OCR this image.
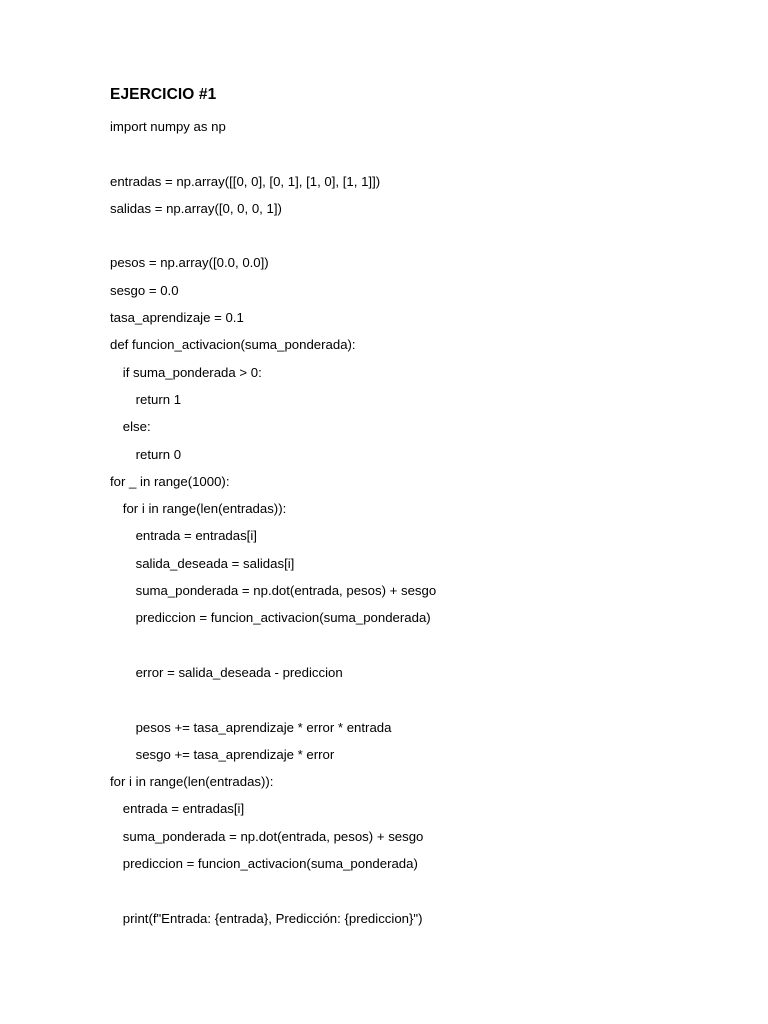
EJERCICIO #1
import numpy as np
entradas = np.array([[0, 0], [0, 1], [1, 0], [1, 1]])
salidas = np.array([0, 0, 0, 1])
pesos = np.array([0.0, 0.0])
sesgo = 0.0
tasa_aprendizaje = 0.1
def funcion_activacion(suma_ponderada):
if suma_ponderada > 0:
return 1
else:
return 0
for _ in range(1000):
for i in range(len(entradas)):
entrada = entradas[i]
salida_deseada = salidas[i]
suma_ponderada = np.dot(entrada, pesos) + sesgo
prediccion = funcion_activacion(suma_ponderada)
error = salida_deseada - prediccion
pesos += tasa_aprendizaje * error * entrada
sesgo += tasa_aprendizaje * error
for i in range(len(entradas)):
entrada = entradas[i]
suma_ponderada = np.dot(entrada, pesos) + sesgo
prediccion = funcion_activacion(suma_ponderada)
print(f"Entrada: {entrada}, Predicción: {prediccion}")
